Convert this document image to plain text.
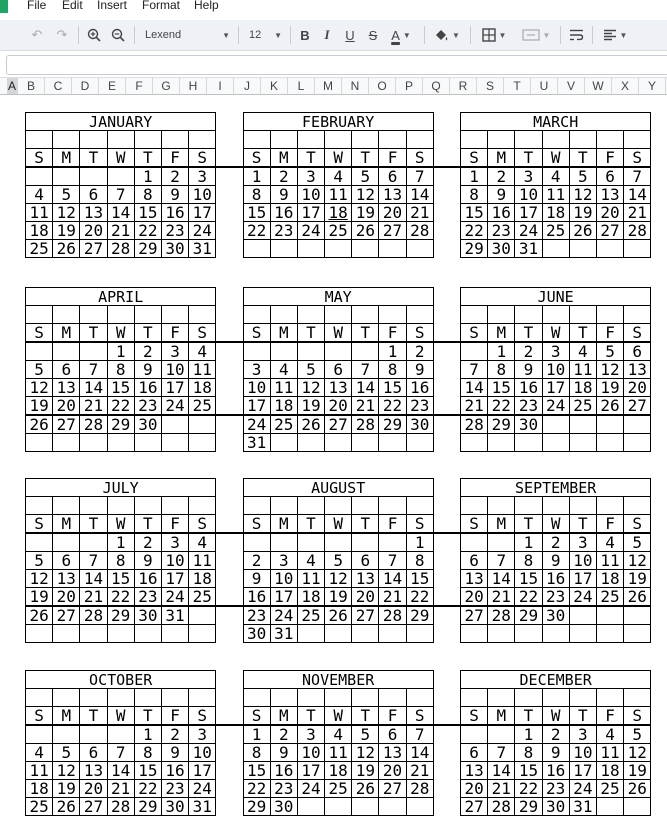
File Edit Insert Format Help
↶ ↷	Lexend	▼	12 ▼ B I U S A ▼	▼	▼	▼	▼
A B	C	D	E	F	G	H	I	J	K	L	M	N	O	P	Q	R	S	T	U	V	W	X	Y
JANUARY								FEBRUARY								MARCH						

S	M	T	W	T	F	S		S	M	T	W	T	F	S		S	M	T	W	T	F	S
				1	2	3		1	2	3	4	5	6	7		1	2	3	4	5	6	7
4	5	6	7	8	9	10		8	9	10	11	12	13	14		8	9	10	11	12	13	14
11	12	13	14	15	16	17		15	16	17	18	19	20	21		15	16	17	18	19	20	21
18	19	20	21	22	23	24		22	23	24	25	26	27	28		22	23	24	25	26	27	28
25	26	27	28	29	30	31										29	30	31				
APRIL								MAY								JUNE						

S	M	T	W	T	F	S		S	M	T	W	T	F	S		S	M	T	W	T	F	S
			1	2	3	4							1	2			1	2	3	4	5	6
5	6	7	8	9	10	11		3	4	5	6	7	8	9		7	8	9	10	11	12	13
12	13	14	15	16	17	18		10	11	12	13	14	15	16		14	15	16	17	18	19	20
19	20	21	22	23	24	25		17	18	19	20	21	22	23		21	22	23	24	25	26	27
26	27	28	29	30				24	25	26	27	28	29	30		28	29	30				
								31														
JULY								AUGUST								SEPTEMBER						

S	M	T	W	T	F	S		S	M	T	W	T	F	S		S	M	T	W	T	F	S
			1	2	3	4								1				1	2	3	4	5
5	6	7	8	9	10	11		2	3	4	5	6	7	8		6	7	8	9	10	11	12
12	13	14	15	16	17	18		9	10	11	12	13	14	15		13	14	15	16	17	18	19
19	20	21	22	23	24	25		16	17	18	19	20	21	22		20	21	22	23	24	25	26
26	27	28	29	30	31			23	24	25	26	27	28	29		27	28	29	30			
								30	31													
OCTOBER								NOVEMBER								DECEMBER						

S	M	T	W	T	F	S		S	M	T	W	T	F	S		S	M	T	W	T	F	S
				1	2	3		1	2	3	4	5	6	7				1	2	3	4	5
4	5	6	7	8	9	10		8	9	10	11	12	13	14		6	7	8	9	10	11	12
11	12	13	14	15	16	17		15	16	17	18	19	20	21		13	14	15	16	17	18	19
18	19	20	21	22	23	24		22	23	24	25	26	27	28		20	21	22	23	24	25	26
25	26	27	28	29	30	31		29	30							27	28	29	30	31		
